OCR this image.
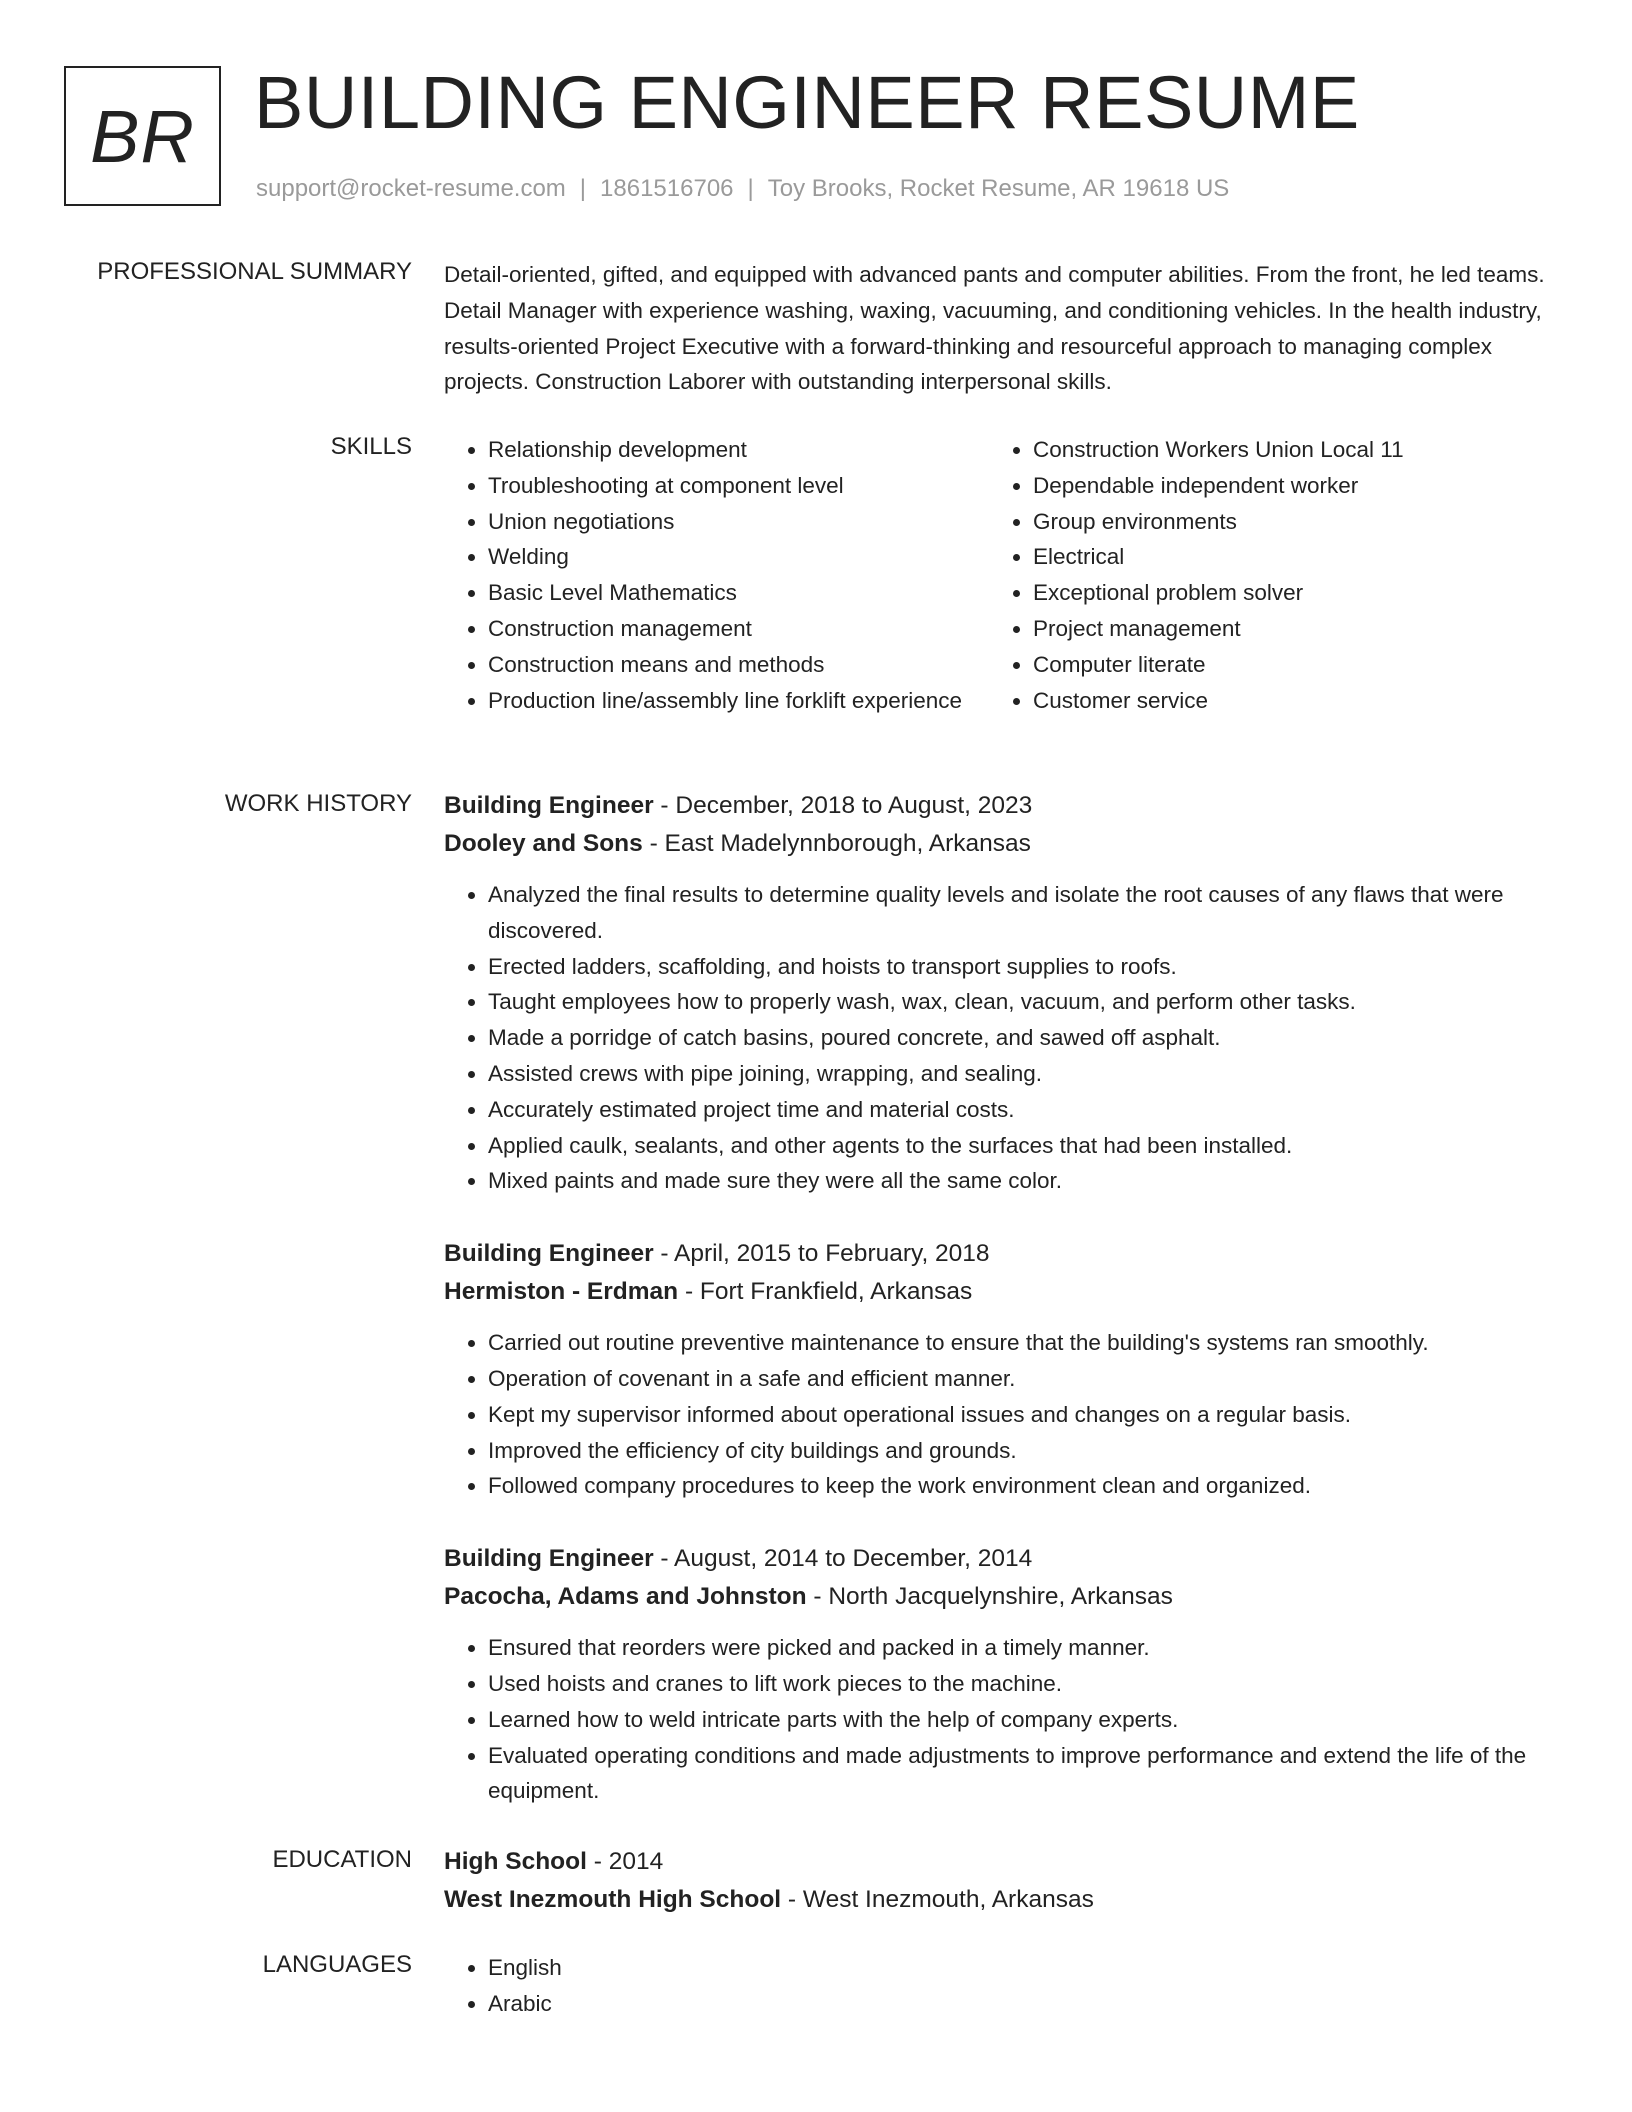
BR BUILDING ENGINEER RESUME
support@rocket-resume.com | 1861516706 | Toy Brooks, Rocket Resume, AR 19618 US
PROFESSIONAL SUMMARY Detail-oriented, gifted, and equipped with advanced pants and computer abilities. From the front, he led teams. Detail Manager with experience washing, waxing, vacuuming, and conditioning vehicles. In the health industry, results-oriented Project Executive with a forward-thinking and resourceful approach to managing complex projects. Construction Laborer with outstanding interpersonal skills.

SKILLS	• Relationship development
• Troubleshooting at component level
• Union negotiations
• Welding
• Basic Level Mathematics
• Construction management
• Construction means and methods
• Production line/assembly line forklift experience
• Construction Workers Union Local 11
• Dependable independent worker
• Group environments
• Electrical
• Exceptional problem solver
• Project management
• Computer literate
• Customer service
WORK HISTORY Building Engineer - December, 2018 to August, 2023
Dooley and Sons - East Madelynnborough, Arkansas
• Analyzed the final results to determine quality levels and isolate the root causes of any flaws that were discovered.
• Erected ladders, scaffolding, and hoists to transport supplies to roofs.
• Taught employees how to properly wash, wax, clean, vacuum, and perform other tasks.
• Made a porridge of catch basins, poured concrete, and sawed off asphalt.
• Assisted crews with pipe joining, wrapping, and sealing.
• Accurately estimated project time and material costs.
• Applied caulk, sealants, and other agents to the surfaces that had been installed.
• Mixed paints and made sure they were all the same color.
Building Engineer - April, 2015 to February, 2018
Hermiston - Erdman - Fort Frankfield, Arkansas
• Carried out routine preventive maintenance to ensure that the building's systems ran smoothly.
• Operation of covenant in a safe and efficient manner.
• Kept my supervisor informed about operational issues and changes on a regular basis.
• Improved the efficiency of city buildings and grounds.
• Followed company procedures to keep the work environment clean and organized.
Building Engineer - August, 2014 to December, 2014
Pacocha, Adams and Johnston - North Jacquelynshire, Arkansas
• Ensured that reorders were picked and packed in a timely manner.
• Used hoists and cranes to lift work pieces to the machine.
• Learned how to weld intricate parts with the help of company experts.
• Evaluated operating conditions and made adjustments to improve performance and extend the life of the equipment.
EDUCATION High School - 2014
West Inezmouth High School - West Inezmouth, Arkansas
LANGUAGES	• English
• Arabic
